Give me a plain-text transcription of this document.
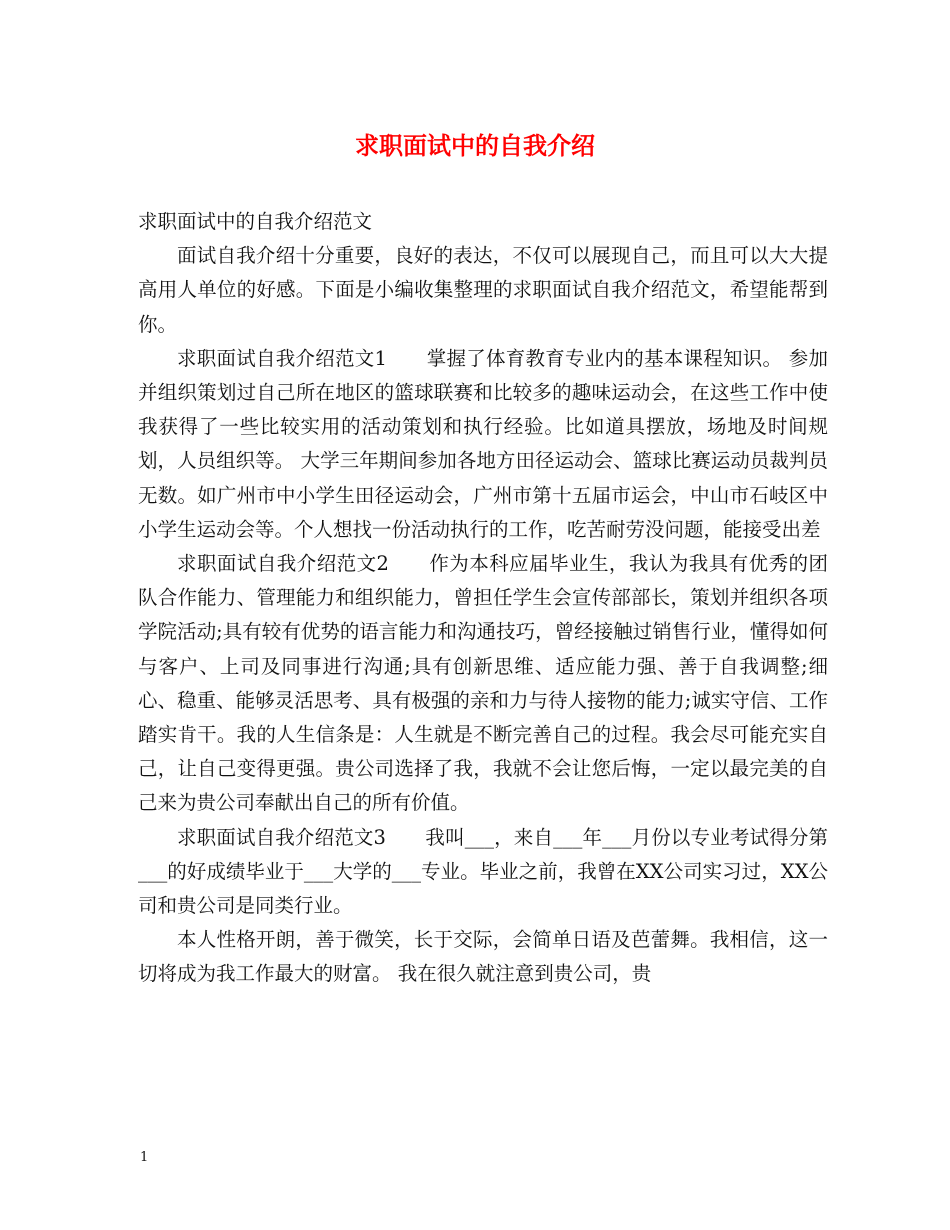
求职面试中的自我介绍

求职面试中的自我介绍范文

面试自我介绍十分重要，良好的表达，不仅可以展现自己，而且可以大大提高用人单位的好感。下面是小编收集整理的求职面试自我介绍范文，希望能帮到你。

求职面试自我介绍范文1　　掌握了体育教育专业内的基本课程知识。 参加并组织策划过自己所在地区的篮球联赛和比较多的趣味运动会，在这些工作中使我获得了一些比较实用的活动策划和执行经验。比如道具摆放，场地及时间规划，人员组织等。 大学三年期间参加各地方田径运动会、篮球比赛运动员裁判员无数。如广州市中小学生田径运动会，广州市第十五届市运会，中山市石岐区中小学生运动会等。个人想找一份活动执行的工作，吃苦耐劳没问题，能接受出差

求职面试自我介绍范文2　　作为本科应届毕业生，我认为我具有优秀的团队合作能力、管理能力和组织能力，曾担任学生会宣传部部长，策划并组织各项学院活动;具有较有优势的语言能力和沟通技巧，曾经接触过销售行业，懂得如何与客户、上司及同事进行沟通;具有创新思维、适应能力强、善于自我调整;细心、稳重、能够灵活思考、具有极强的亲和力与待人接物的能力;诚实守信、工作踏实肯干。我的人生信条是：人生就是不断完善自己的过程。我会尽可能充实自己，让自己变得更强。贵公司选择了我，我就不会让您后悔，一定以最完美的自己来为贵公司奉献出自己的所有价值。

求职面试自我介绍范文3　　我叫___，来自___年___月份以专业考试得分第___的好成绩毕业于___大学的___专业。毕业之前，我曾在XX公司实习过，XX公司和贵公司是同类行业。

本人性格开朗，善于微笑，长于交际，会简单日语及芭蕾舞。我相信，这一切将成为我工作最大的财富。 我在很久就注意到贵公司，贵

1
